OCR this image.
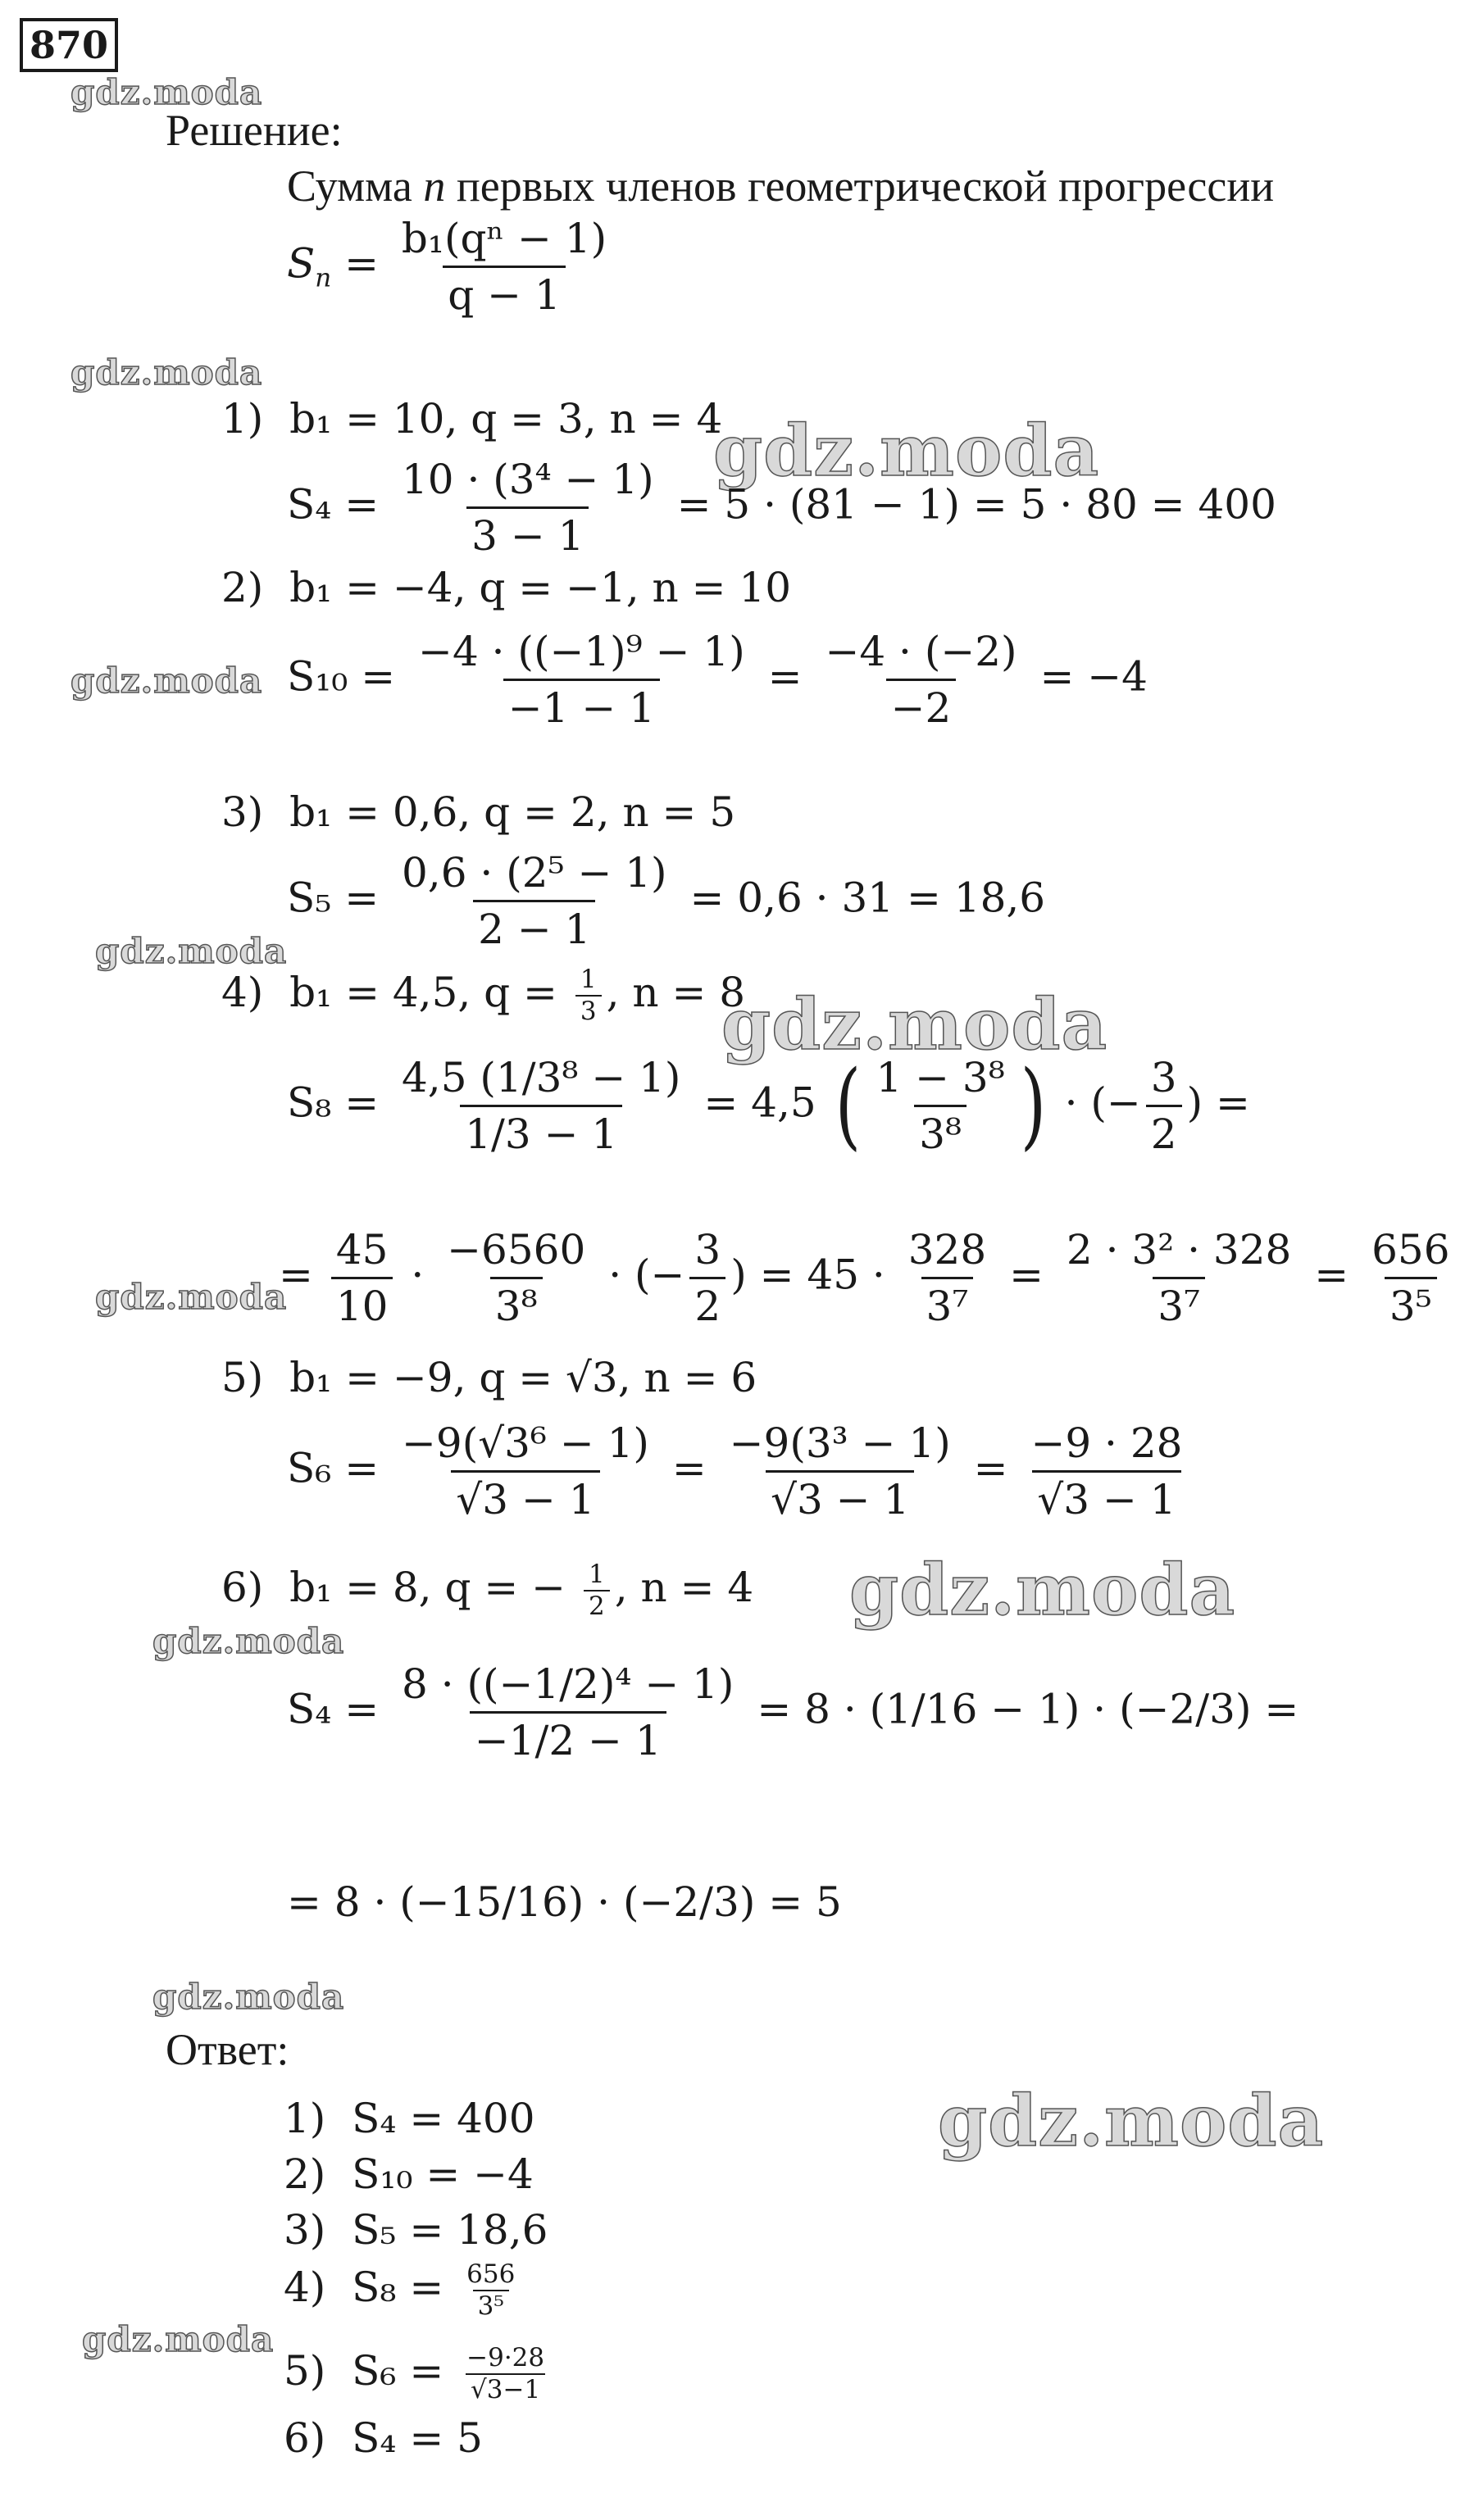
870
gdz.moda
gdz.moda
gdz.moda
gdz.moda
gdz.moda
gdz.moda
gdz.moda
gdz.moda
gdz.moda
gdz.moda
gdz.moda
gdz.moda
Решение:
Сумма n первых членов геометрической прогрессии
$S_n = \frac{\text{b₁(qⁿ − 1)}}{q - 1}$
1) b₁ = 10, q = 3, n = 4
$S_4 = \frac{\text{10 · (3⁴ − 1)}}{3 - 1} = 5 \cdot (81 - 1) = 5 \cdot 80 = 400$
2) b₁ = −4, q = −1, n = 10
$S_{10} = \frac{\text{−4 · ((−1)⁹ − 1)}}{-1 - 1} = \frac{-4 \cdot (-2)}{-2} = -4$
3) b₁ = 0,6, q = 2, n = 5
$S_5 = \frac{\text{0,6 · (2⁵ − 1)}}{2 - 1} = 0,6 \cdot 31 = 18,6$
4) b₁ = 4,5, $q = \frac{1}{3}$ , n = 8
$S_8 = \frac{\text{4,5 (1/3⁸ − 1)}}{1/3 - 1} = 4,5$ ( $\frac{\text{1 − 3⁸}}{\text{3⁸}}$ ) · (− $\frac{3}{2}$ ) =
= $\frac{45}{10} \cdot \frac{-6560}{\text{3⁸}}$ · (− $\frac{3}{2}$ ) = $45 \cdot \frac{328}{\text{3⁷}} = \frac{\text{2 · 3² · 328}}{\text{3⁷}} = \frac{656}{\text{3⁵}}$
5) b₁ = −9, q = √3, n = 6
$S_6 = \frac{\text{−9(√3⁶ − 1)}}{√3 - 1} = \frac{\text{−9(3³ − 1)}}{√3 - 1} = \frac{-9 \cdot 28}{√3 - 1}$
6) b₁ = 8, q = − $\frac{1}{2}$ , n = 4
$S_4 = \frac{\text{8 · ((−1/2)⁴ − 1)}}{-1/2 - 1} = 8 \cdot (1/16 - 1) \cdot (-2/3)$ =
= 8 · (−15/16) · (−2/3) = 5
Ответ:
1) S₄ = 400
2) S₁₀ = −4
3) S₅ = 18,6
4) $S_8 = \frac{656}{\text{3⁵}}$
5) $S_6 = \frac{-9\cdot 28}{√3-1}$
6) S₄ = 5
